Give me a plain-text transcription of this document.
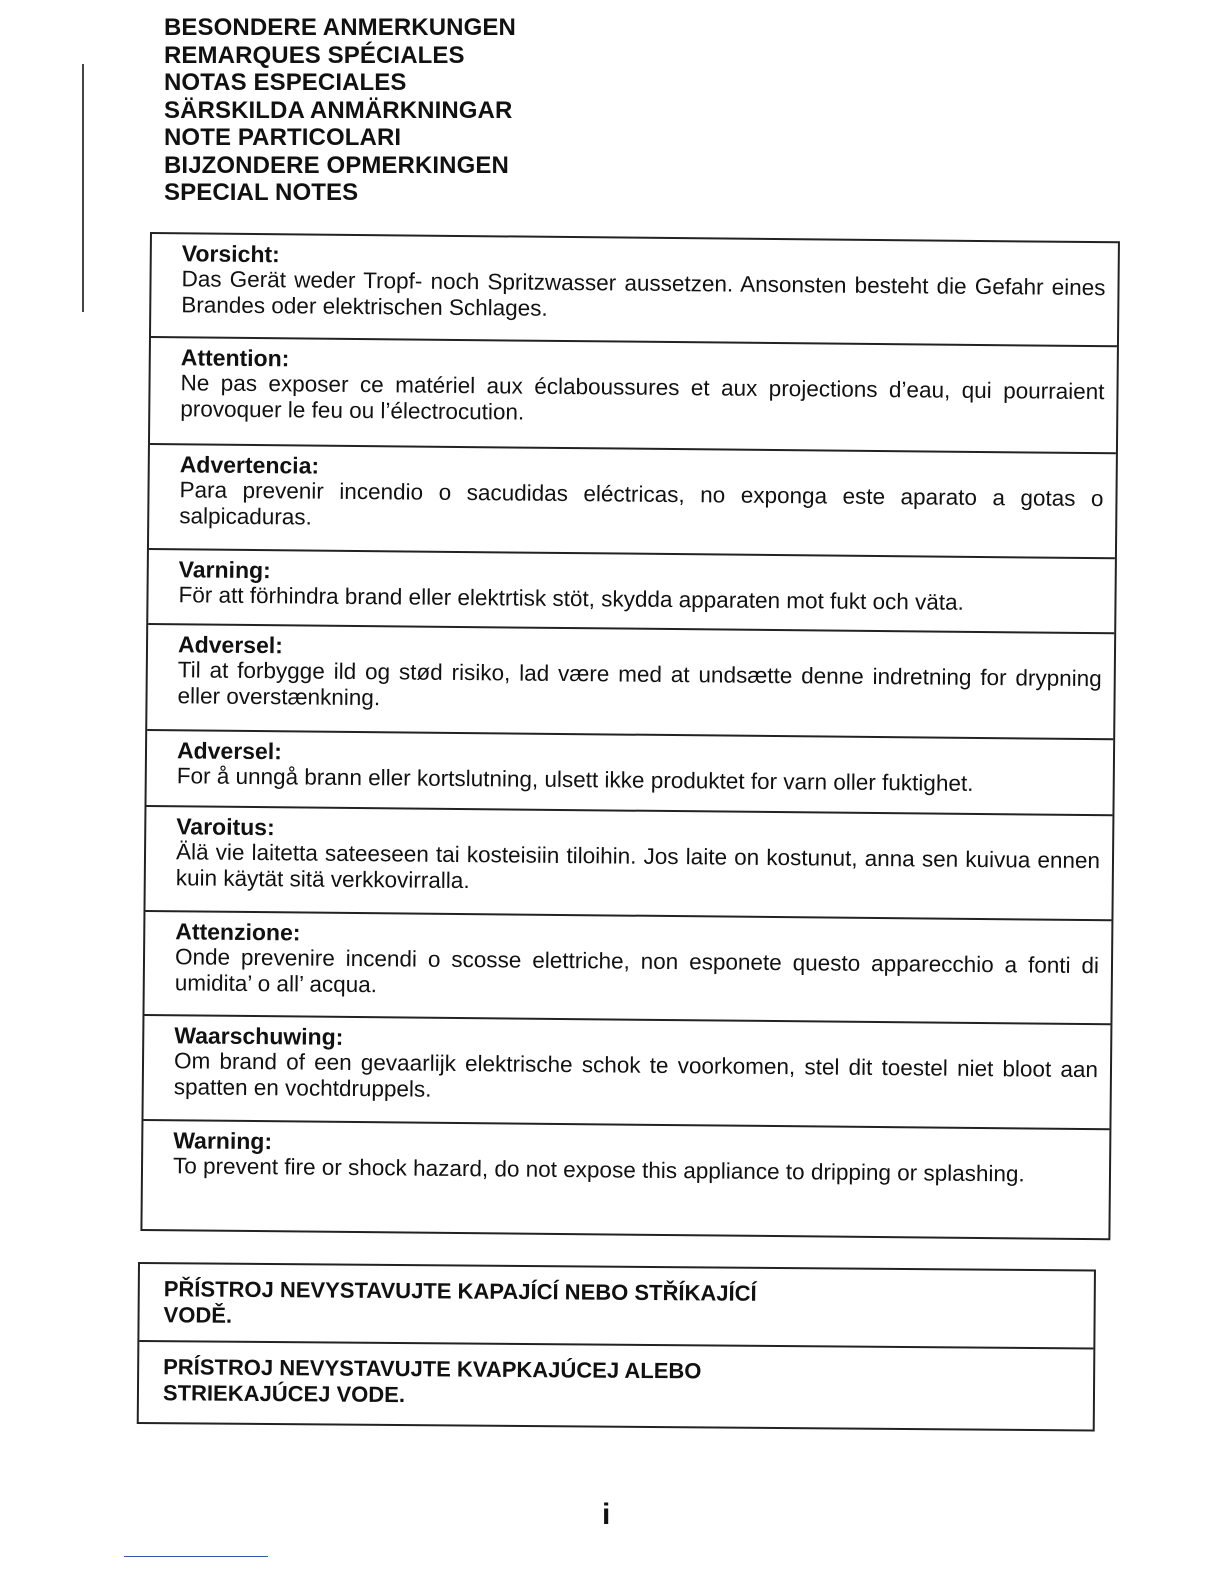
BESONDERE ANMERKUNGEN
REMARQUES SPÉCIALES
NOTAS ESPECIALES
SÄRSKILDA ANMÄRKNINGAR
NOTE PARTICOLARI
BIJZONDERE OPMERKINGEN
SPECIAL NOTES
Vorsicht:
Das Gerät weder Tropf- noch Spritzwasser aussetzen. Ansonsten besteht die Gefahr eines Brandes oder elektrischen Schlages.
Attention:
Ne pas exposer ce matériel aux éclaboussures et aux projections d’eau, qui pourraient provoquer le feu ou l’électrocution.
Advertencia:
Para prevenir incendio o sacudidas eléctricas, no exponga este aparato a gotas o salpicaduras.
Varning:
För att förhindra brand eller elektrtisk stöt, skydda apparaten mot fukt och väta.
Adversel:
Til at forbygge ild og stød risiko, lad være med at undsætte denne indretning for drypning eller overstænkning.
Adversel:
For å unngå brann eller kortslutning, ulsett ikke produktet for varn oller fuktighet.
Varoitus:
Älä vie laitetta sateeseen tai kosteisiin tiloihin. Jos laite on kostunut, anna sen kuivua ennen kuin käytät sitä verkkovirralla.
Attenzione:
Onde prevenire incendi o scosse elettriche, non esponete questo apparecchio a fonti di umidita’ o all’ acqua.
Waarschuwing:
Om brand of een gevaarlijk elektrische schok te voorkomen, stel dit toestel niet bloot aan spatten en vochtdruppels.
Warning:
To prevent fire or shock hazard, do not expose this appliance to dripping or splashing.
PŘÍSTROJ NEVYSTAVUJTE KAPAJÍCÍ NEBO STŘÍKAJÍCÍ VODĚ.
PRÍSTROJ NEVYSTAVUJTE KVAPKAJÚCEJ ALEBO STRIEKAJÚCEJ VODE.
i
